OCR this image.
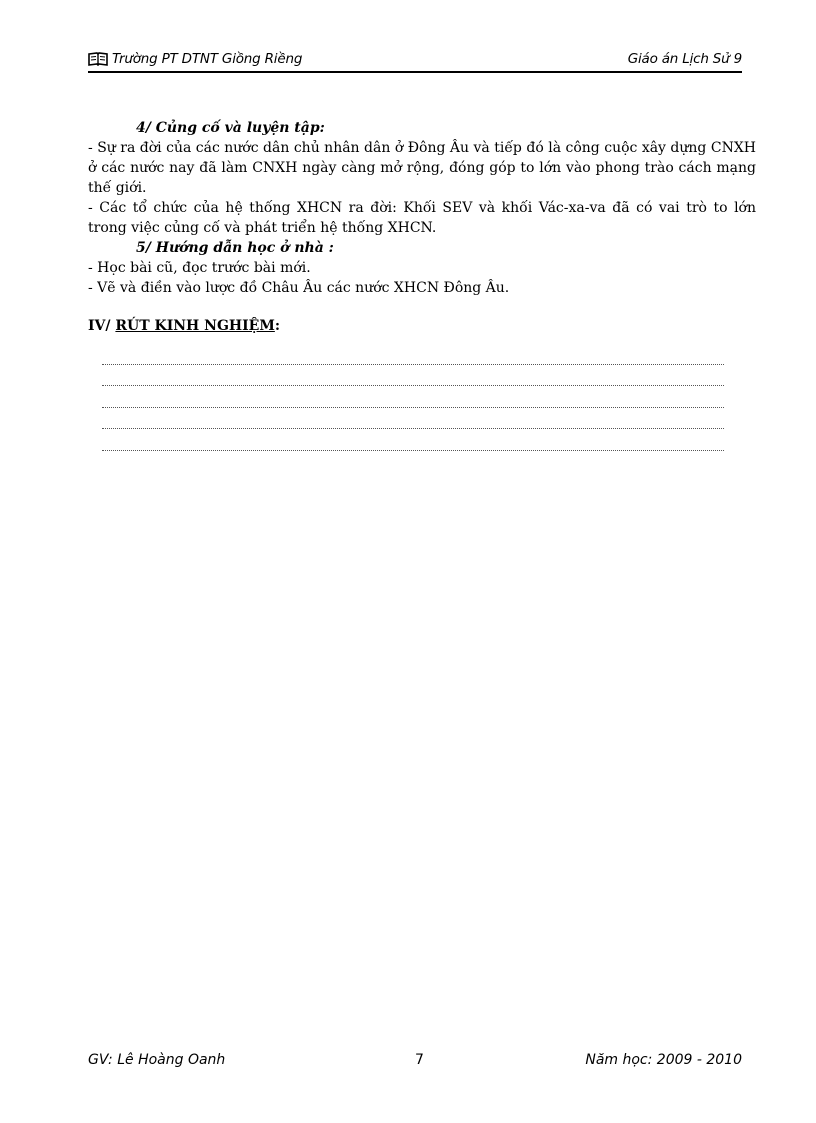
Trường PT DTNT Giồng Riềng	Giáo án Lịch Sử 9

4/ Củng cố và luyện tập:

- Sự ra đời của các nước dân chủ nhân dân ở Đông Âu và tiếp đó là công cuộc xây dựng CNXH ở các nước nay đã làm CNXH ngày càng mở rộng, đóng góp to lớn vào phong trào cách mạng thế giới.

- Các tổ chức của hệ thống XHCN ra đời: Khối SEV và khối Vác-xa-va đã có vai trò to lớn trong việc củng cố và phát triển hệ thống XHCN.

5/ Hướng dẫn học ở nhà :

- Học bài cũ, đọc trước bài mới.

- Vẽ và điền vào lược đồ Châu Âu các nước XHCN Đông Âu.

IV/ RÚT KINH NGHIỆM:
GV: Lê Hoàng Oanh	7	Năm học: 2009 - 2010
